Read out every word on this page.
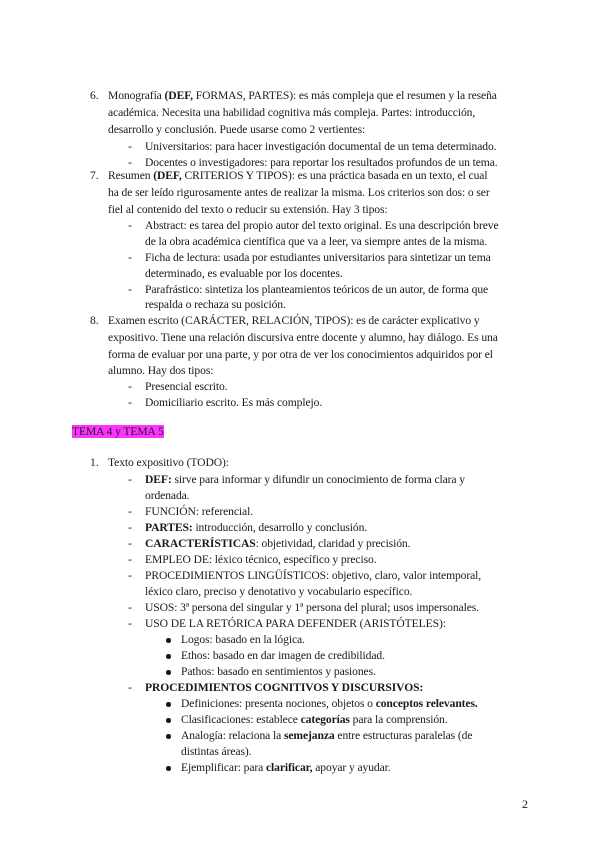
6. Monografía (DEF, FORMAS, PARTES): es más compleja que el resumen y la reseña
académica. Necesita una habilidad cognitiva más compleja. Partes: introducción,
desarrollo y conclusión. Puede usarse como 2 vertientes:
- Universitarios: para hacer investigación documental de un tema determinado.
- Docentes o investigadores: para reportar los resultados profundos de un tema.
7. Resumen (DEF, CRITERIOS Y TIPOS): es una práctica basada en un texto, el cual
ha de ser leído rigurosamente antes de realizar la misma. Los criterios son dos: o ser
fiel al contenido del texto o reducir su extensión. Hay 3 tipos:
- Abstract: es tarea del propio autor del texto original. Es una descripción breve
de la obra académica científica que va a leer, va siempre antes de la misma.
- Ficha de lectura: usada por estudiantes universitarios para sintetizar un tema
determinado, es evaluable por los docentes.
- Parafrástico: sintetiza los planteamientos teóricos de un autor, de forma que
respalda o rechaza su posición.
8. Examen escrito (CARÁCTER, RELACIÓN, TIPOS): es de carácter explicativo y
expositivo. Tiene una relación discursiva entre docente y alumno, hay diálogo. Es una
forma de evaluar por una parte, y por otra de ver los conocimientos adquiridos por el
alumno. Hay dos tipos:
- Presencial escrito.
- Domiciliario escrito. Es más complejo.
TEMA 4 y TEMA 5
1. Texto expositivo (TODO):
- DEF: sirve para informar y difundir un conocimiento de forma clara y
ordenada.
- FUNCIÓN: referencial.
- PARTES: introducción, desarrollo y conclusión.
- CARACTERÍSTICAS: objetividad, claridad y precisión.
- EMPLEO DE: léxico técnico, específico y preciso.
- PROCEDIMIENTOS LINGÜÍSTICOS: objetivo, claro, valor intemporal,
léxico claro, preciso y denotativo y vocabulario específico.
- USOS: 3ª persona del singular y 1ª persona del plural; usos impersonales.
- USO DE LA RETÓRICA PARA DEFENDER (ARISTÓTELES):
Logos: basado en la lógica.
Ethos: basado en dar imagen de credibilidad.
Pathos: basado en sentimientos y pasiones.
- PROCEDIMIENTOS COGNITIVOS Y DISCURSIVOS:
Definiciones: presenta nociones, objetos o conceptos relevantes.
Clasificaciones: establece categorías para la comprensión.
Analogía: relaciona la semejanza entre estructuras paralelas (de
distintas áreas).
Ejemplificar: para clarificar, apoyar y ayudar.
2
